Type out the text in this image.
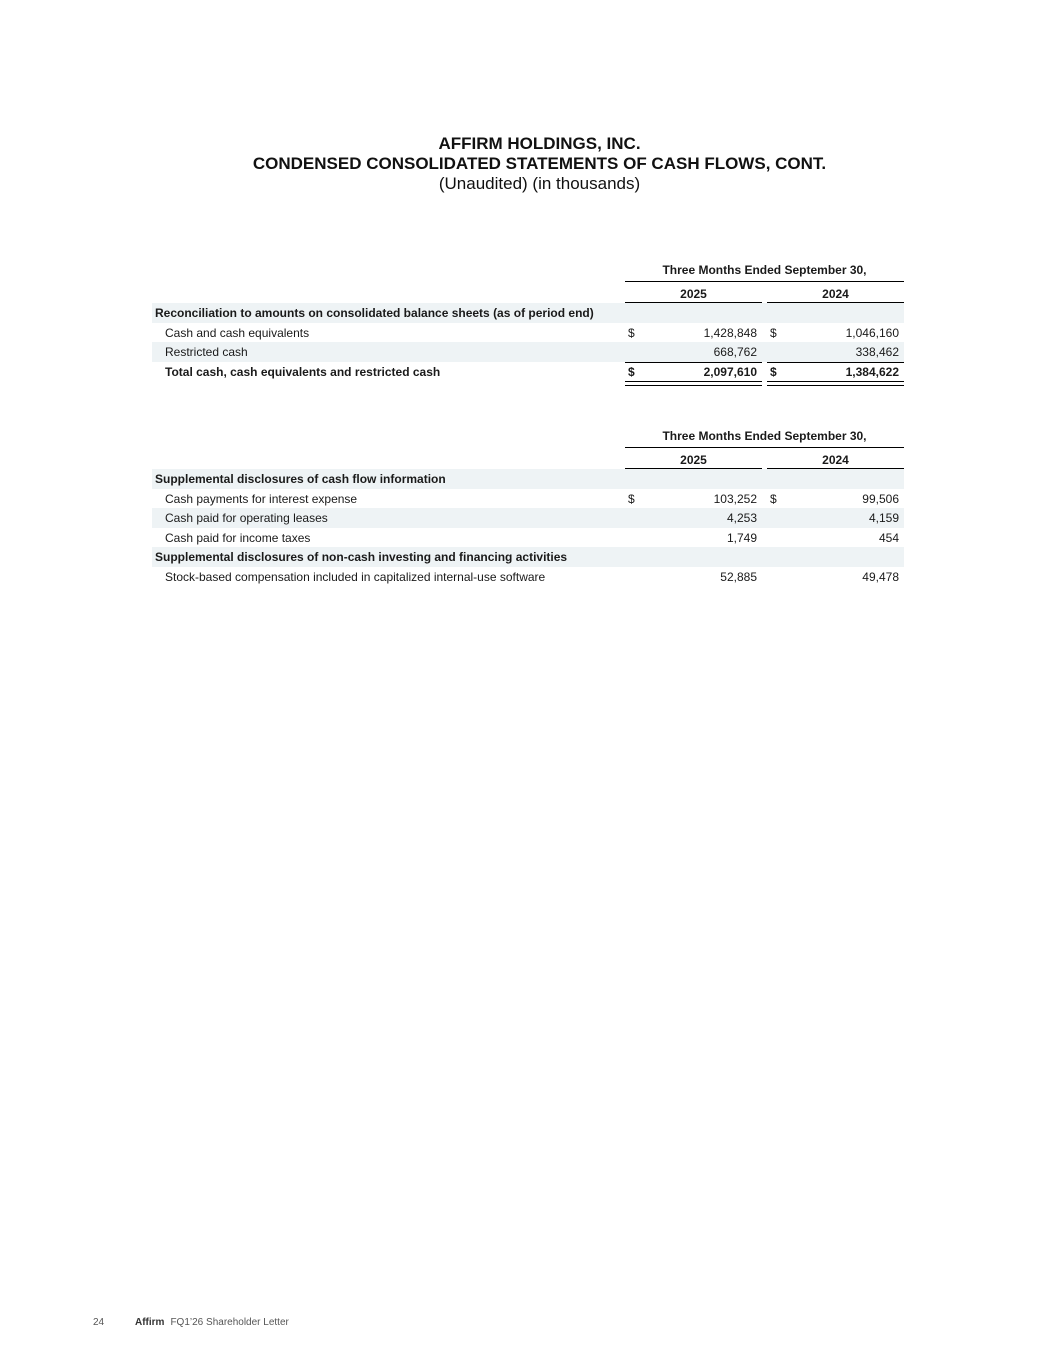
AFFIRM HOLDINGS, INC.
CONDENSED CONSOLIDATED STATEMENTS OF CASH FLOWS, CONT.
(Unaudited) (in thousands)
Three Months Ended September 30,
2025	2024
Reconciliation to amounts on consolidated balance sheets (as of period end)
Cash and cash equivalents	$	1,428,848 $	1,046,160
Restricted cash	668,762	338,462
Total cash, cash equivalents and restricted cash	$	2,097,610 $	1,384,622
Three Months Ended September 30,
2025	2024
Supplemental disclosures of cash flow information
Cash payments for interest expense	$	103,252 $	99,506
Cash paid for operating leases	4,253	4,159
Cash paid for income taxes	1,749	454
Supplemental disclosures of non-cash investing and financing activities
Stock-based compensation included in capitalized internal-use software	52,885	49,478
24	Affirm FQ1’26 Shareholder Letter
